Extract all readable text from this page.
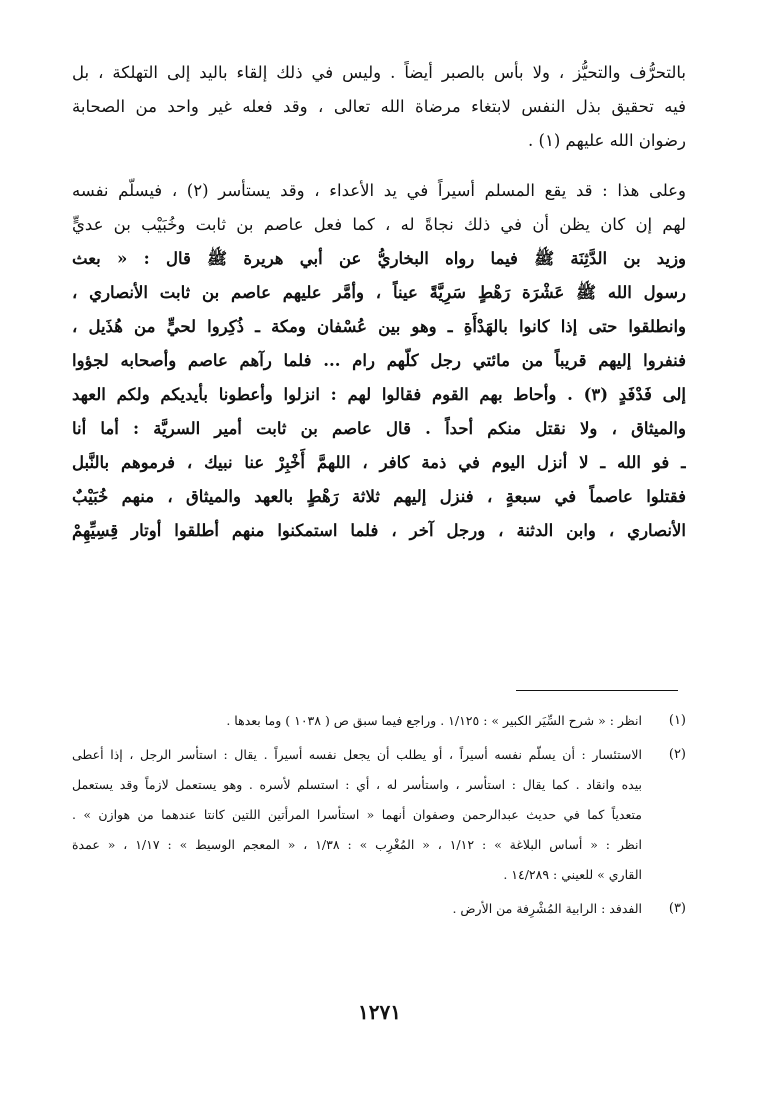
بالتحرُّف والتحيُّز ، ولا بأس بالصبر أيضاً . وليس في ذلك إلقاء باليد إلى التهلكة ، بل
فيه تحقيق بذل النفس لابتغاء مرضاة الله تعالى ، وقد فعله غير واحد من الصحابة
رضوان الله عليهم (١) .
وعلى هذا : قد يقع المسلم أسيراً في يد الأعداء ، وقد يستأسر (٢) ، فيسلّم نفسه
لهم إن كان يظن أن في ذلك نجاةً له ، كما فعل عاصم بن ثابت وخُبَيْب بن عديٍّ
وزيد بن الدَّثِنَة ﷺ فيما رواه البخاريُّ عن أبي هريرة ﷺ قال : « بعث
رسول الله ﷺ عَشْرَة رَهْطٍ سَرِيَّةً عيناً ، وأمَّر عليهم عاصم بن ثابت الأنصاري ،
وانطلقوا حتى إذا كانوا بالهَدْأَةِ ـ وهو بين عُسْفان ومكة ـ ذُكِروا لحيٍّ من هُذَيل ،
فنفروا إليهم قريباً من مائتي رجل كلّهم رام ... فلما رآهم عاصم وأصحابه لجؤوا
إلى فَدْفَدٍ (٣) . وأحاط بهم القوم فقالوا لهم : انزلوا وأعطونا بأيديكم ولكم العهد
والميثاق ، ولا نقتل منكم أحداً . قال عاصم بن ثابت أمير السريَّة : أما أنا
ـ فو الله ـ لا أنزل اليوم في ذمة كافر ، اللهمَّ أَخْبِرْ عنا نبيك ، فرموهم بالنَّبل
فقتلوا عاصماً في سبعةٍ ، فنزل إليهم ثلاثة رَهْطٍ بالعهد والميثاق ، منهم خُبَيْبٌ
الأنصاري ، وابن الدثنة ، ورجل آخر ، فلما استمكنوا منهم أطلقوا أوتار قِسِيِّهِمْ
(١)
انظر : « شرح السِّيَر الكبير » : ١/١٢٥ . وراجع فيما سبق ص ( ١٠٣٨ ) وما بعدها .
(٢)
الاستئسار : أن يسلّم نفسه أسيراً ، أو يطلب أن يجعل نفسه أسيراً . يقال : استأسر الرجل ، إذا أعطى
بيده وانقاد . كما يقال : استأسر ، واستأسر له ، أي : استسلم لأسره . وهو يستعمل لازماً وقد يستعمل
متعدياً كما في حديث عبدالرحمن وصفوان أنهما « استأسرا المرأتين اللتين كانتا عندهما من هوازن » .
انظر : « أساس البلاغة » : ١/١٢ ، « المُغْرِب » : ١/٣٨ ، « المعجم الوسيط » : ١/١٧ ، « عمدة
القاري » للعيني : ١٤/٢٨٩ .
(٣)
الفدفد : الرابية المُشْرِفة من الأرض .
١٢٧١
